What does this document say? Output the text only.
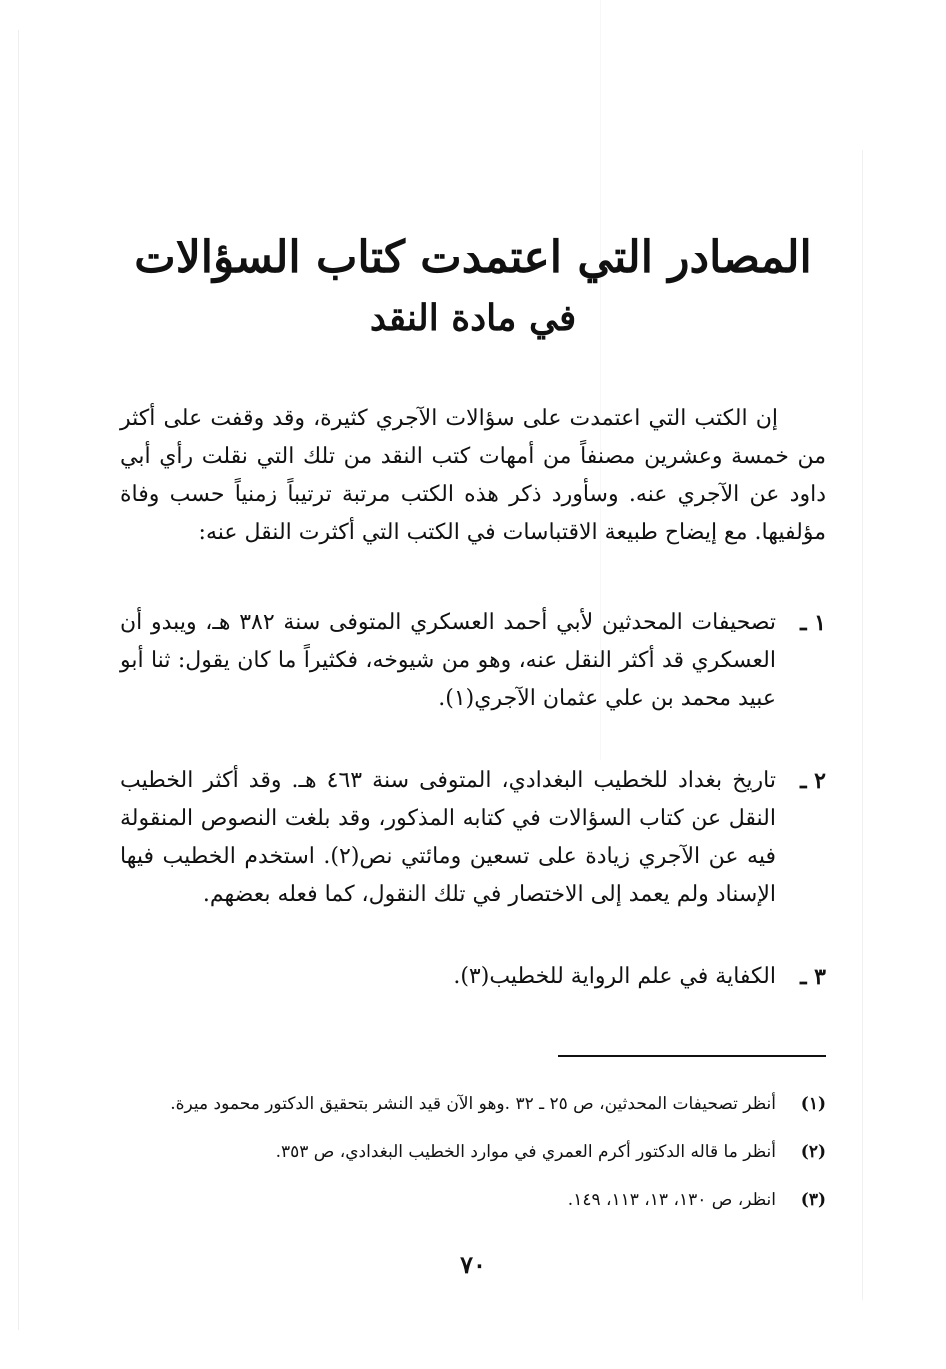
المصادر التي اعتمدت كتاب السؤالات
في مادة النقد
إن الكتب التي اعتمدت على سؤالات الآجري كثيرة، وقد وقفت على أكثر من خمسة وعشرين مصنفاً من أمهات كتب النقد من تلك التي نقلت رأي أبي داود عن الآجري عنه. وسأورد ذكر هذه الكتب مرتبة ترتيباً زمنياً حسب وفاة مؤلفيها. مع إيضاح طبيعة الاقتباسات في الكتب التي أكثرت النقل عنه:
١ ـ
تصحيفات المحدثين لأبي أحمد العسكري المتوفى سنة ٣٨٢ هـ، ويبدو أن العسكري قد أكثر النقل عنه، وهو من شيوخه، فكثيراً ما كان يقول: ثنا أبو عبيد محمد بن علي عثمان الآجري(١).
٢ ـ
تاريخ بغداد للخطيب البغدادي، المتوفى سنة ٤٦٣ هـ. وقد أكثر الخطيب النقل عن كتاب السؤالات في كتابه المذكور، وقد بلغت النصوص المنقولة فيه عن الآجري زيادة على تسعين ومائتي نص(٢). استخدم الخطيب فيها الإسناد ولم يعمد إلى الاختصار في تلك النقول، كما فعله بعضهم.
٣ ـ
الكفاية في علم الرواية للخطيب(٣).
(١)
أنظر تصحيفات المحدثين، ص ٢٥ ـ ٣٢ .وهو الآن قيد النشر بتحقيق الدكتور محمود ميرة.
(٢)
أنظر ما قاله الدكتور أكرم العمري في موارد الخطيب البغدادي، ص ٣٥٣.
(٣)
انظر، ص ١٣٠، ١٣، ١١٣، ١٤٩.
٧٠
